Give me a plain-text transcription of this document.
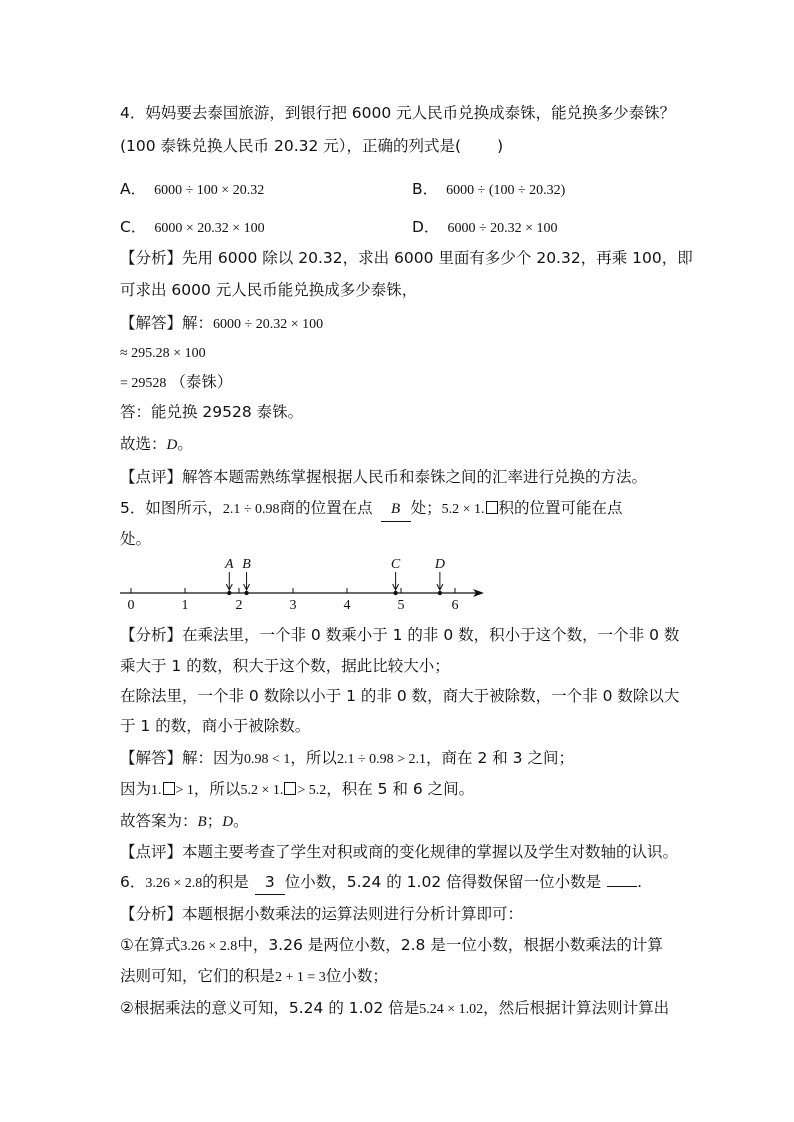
4．妈妈要去泰国旅游，到银行把 6000 元人民币兑换成泰铢，能兑换多少泰铢？
(100 泰铢兑换人民币 20.32 元），正确的列式是( )
A． 6000 ÷ 100 × 20.32	B． 6000 ÷ (100 ÷ 20.32)
C． 6000 × 20.32 × 100	D． 6000 ÷ 20.32 × 100
【分析】先用 6000 除以 20.32，求出 6000 里面有多少个 20.32，再乘 100，即
可求出 6000 元人民币能兑换成多少泰铢，
【解答】解：6000 ÷ 20.32 × 100
≈ 295.28 × 100
= 29528 （泰铢）
答：能兑换 29528 泰铢。
故选：D。
【点评】解答本题需熟练掌握根据人民币和泰铢之间的汇率进行兑换的方法。
5．如图所示，2.1 ÷ 0.98商的位置在点 B 处；5.2 × 1. 积的位置可能在点
处。
0	1	2	3	4	5	6
A B	C D
【分析】在乘法里，一个非 0 数乘小于 1 的非 0 数，积小于这个数，一个非 0 数
乘大于 1 的数，积大于这个数，据此比较大小；
在除法里，一个非 0 数除以小于 1 的非 0 数，商大于被除数，一个非 0 数除以大
于 1 的数，商小于被除数。
【解答】解：因为0.98 < 1，所以2.1 ÷ 0.98 > 2.1，商在 2 和 3 之间；
因为1. > 1，所以5.2 × 1. > 5.2，积在 5 和 6 之间。
故答案为：B；D。
【点评】本题主要考查了学生对积或商的变化规律的掌握以及学生对数轴的认识。
6．3.26 × 2.8的积是 3 位小数，5.24 的 1.02 倍得数保留一位小数是 .
【分析】本题根据小数乘法的运算法则进行分析计算即可：
①在算式3.26 × 2.8中，3.26 是两位小数，2.8 是一位小数，根据小数乘法的计算
法则可知，它们的积是2 + 1 = 3位小数；
②根据乘法的意义可知，5.24 的 1.02 倍是5.24 × 1.02，然后根据计算法则计算出
